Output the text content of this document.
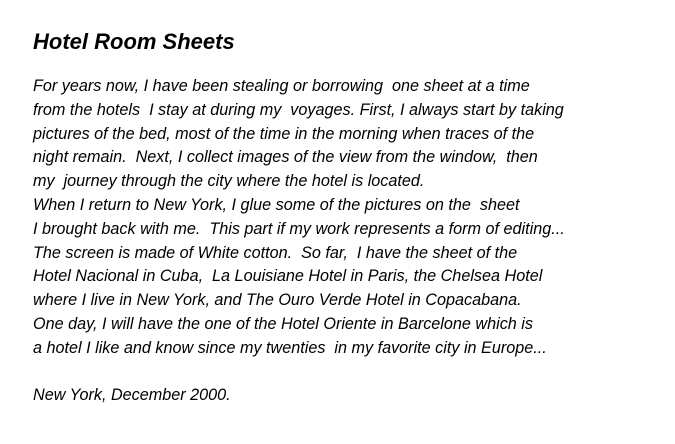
Hotel Room Sheets

For years now, I have been stealing or borrowing  one sheet at a time

from the hotels  I stay at during my  voyages. First, I always start by taking

pictures of the bed, most of the time in the morning when traces of the

night remain.  Next, I collect images of the view from the window,  then

my  journey through the city where the hotel is located.

When I return to New York, I glue some of the pictures on the  sheet

I brought back with me.  This part if my work represents a form of editing...

The screen is made of White cotton.  So far,  I have the sheet of the

Hotel Nacional in Cuba,  La Louisiane Hotel in Paris, the Chelsea Hotel

where I live in New York, and The Ouro Verde Hotel in Copacabana.

One day, I will have the one of the Hotel Oriente in Barcelone which is

a hotel I like and know since my twenties  in my favorite city in Europe...

New York, December 2000.
